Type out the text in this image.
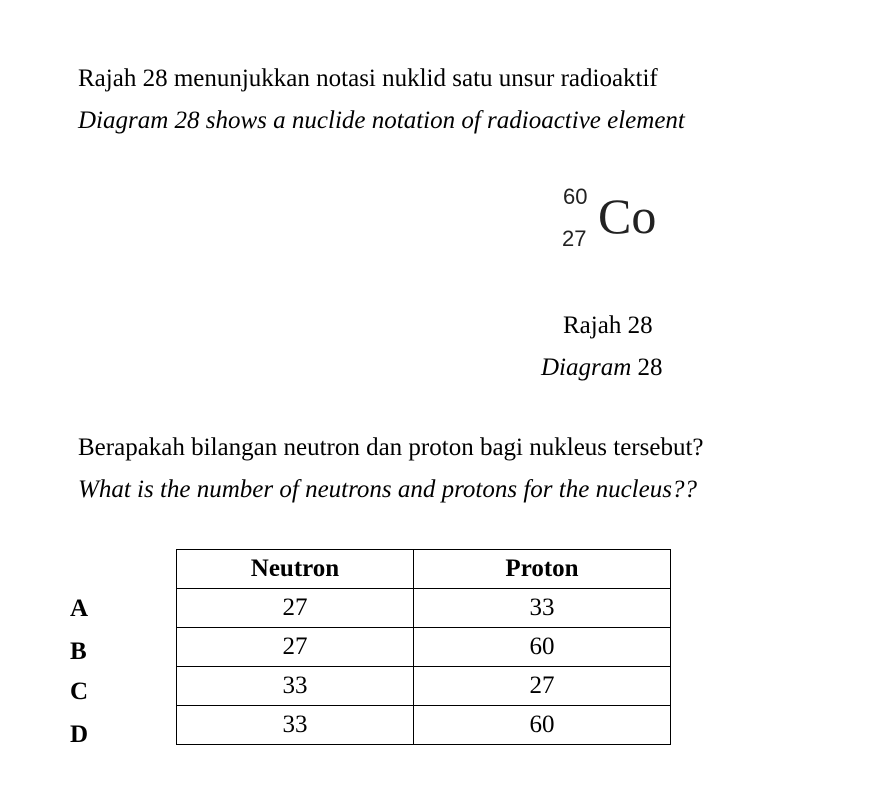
Rajah 28 menunjukkan notasi nuklid satu unsur radioaktif
Diagram 28 shows a nuclide notation of radioactive element
60
27 Co
Rajah 28
Diagram 28
Berapakah bilangan neutron dan proton bagi nukleus tersebut?
What is the number of neutrons and protons for the nucleus??
A
B
C
D
Neutron	Proton
27	33
27	60
33	27
33	60
